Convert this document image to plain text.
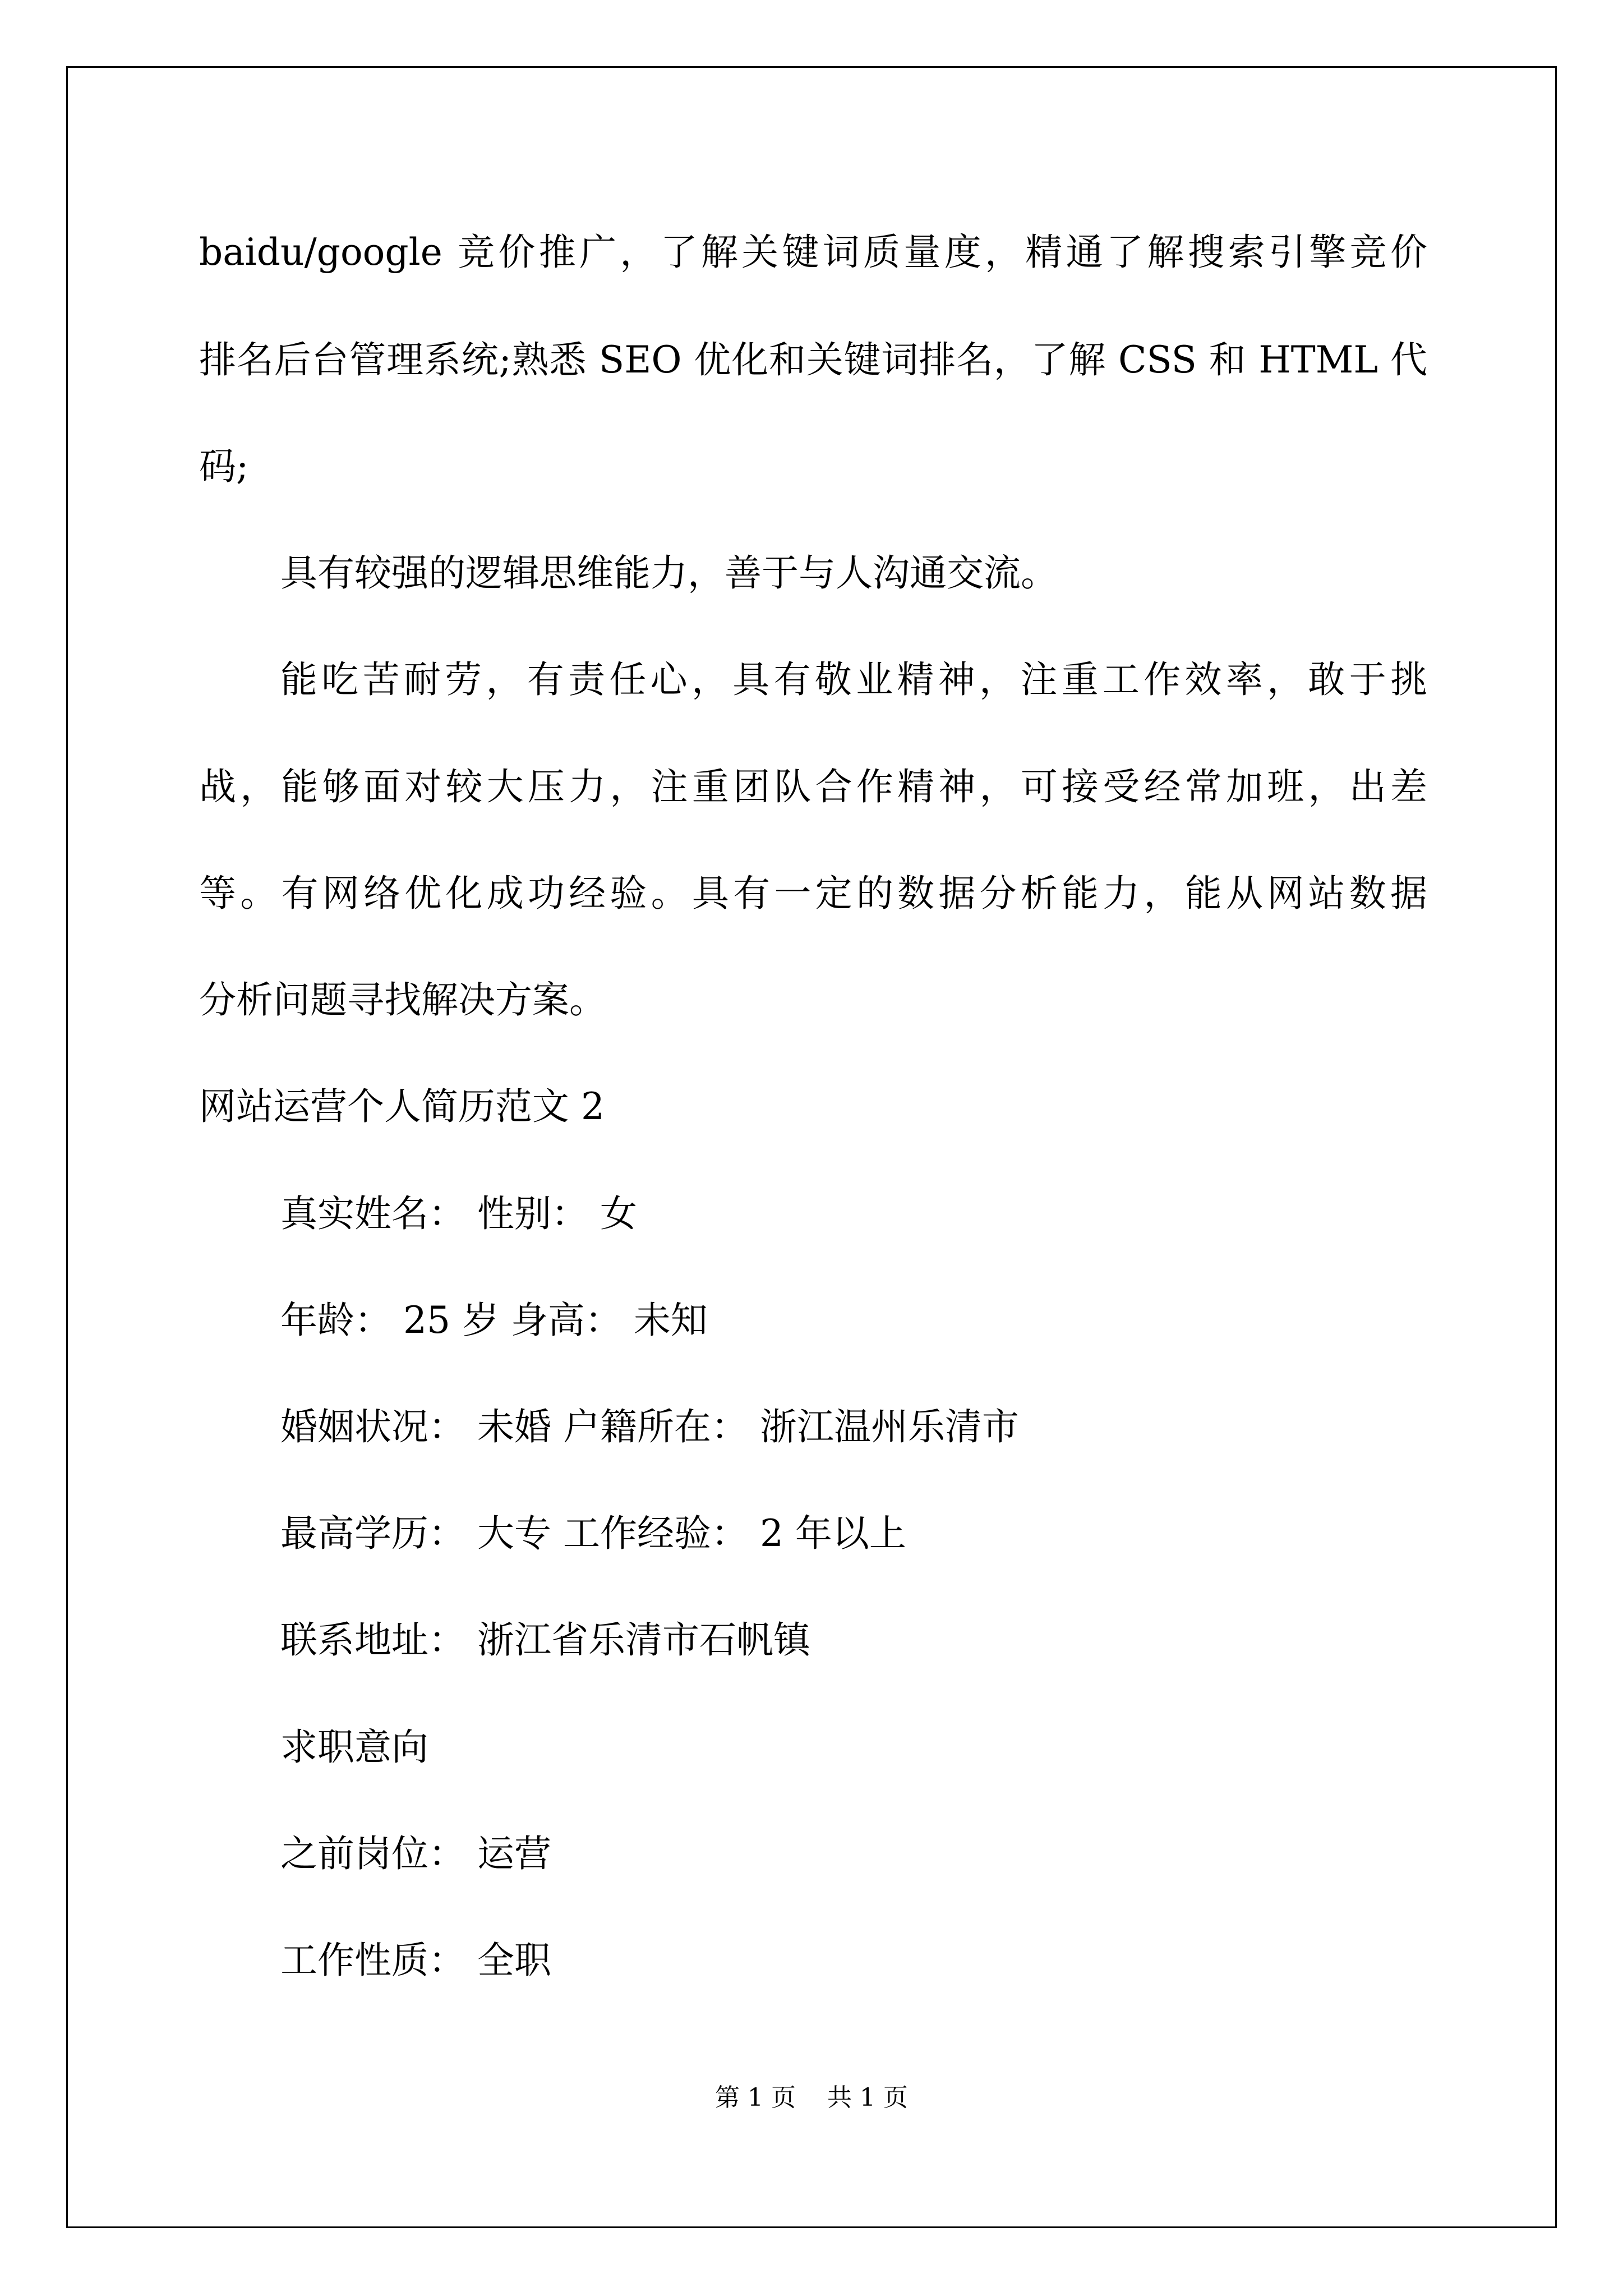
baidu/google 竞价推广，了解关键词质量度，精通了解搜索引擎竞价
排名后台管理系统;熟悉 SEO 优化和关键词排名，了解 CSS 和 HTML 代
码;
具有较强的逻辑思维能力，善于与人沟通交流。
能吃苦耐劳，有责任心，具有敬业精神，注重工作效率，敢于挑
战，能够面对较大压力，注重团队合作精神，可接受经常加班，出差
等。有网络优化成功经验。具有一定的数据分析能力，能从网站数据
分析问题寻找解决方案。
网站运营个人简历范文 2
真实姓名： 性别： 女
年龄： 25 岁 身高： 未知
婚姻状况： 未婚 户籍所在： 浙江温州乐清市
最高学历： 大专 工作经验： 2 年以上
联系地址： 浙江省乐清市石帆镇
求职意向
之前岗位： 运营
工作性质： 全职
第 1 页    共 1 页
